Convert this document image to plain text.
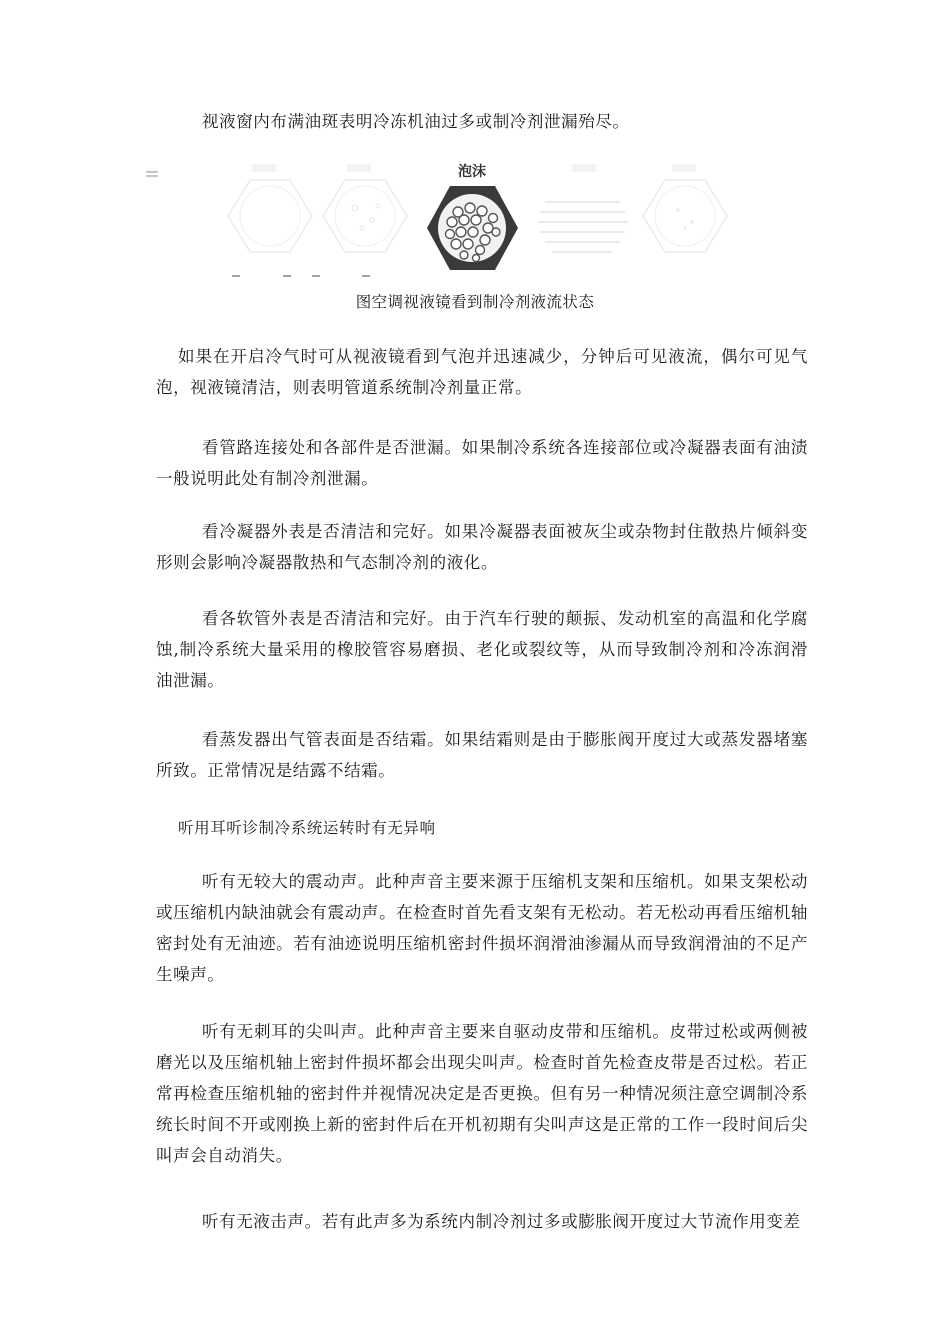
视液窗内布满油斑表明冷冻机油过多或制冷剂泄漏殆尽。

泡沫
图空调视液镜看到制冷剂液流状态

如果在开启冷气时可从视液镜看到气泡并迅速减少，分钟后可见液流，偶尔可见气泡，视液镜清洁，则表明管道系统制冷剂量正常。

看管路连接处和各部件是否泄漏。如果制冷系统各连接部位或冷凝器表面有油渍一般说明此处有制冷剂泄漏。

看冷凝器外表是否清洁和完好。如果冷凝器表面被灰尘或杂物封住散热片倾斜变形则会影响冷凝器散热和气态制冷剂的液化。

看各软管外表是否清洁和完好。由于汽车行驶的颠振、发动机室的高温和化学腐蚀,制冷系统大量采用的橡胶管容易磨损、老化或裂纹等，从而导致制冷剂和冷冻润滑油泄漏。

看蒸发器出气管表面是否结霜。如果结霜则是由于膨胀阀开度过大或蒸发器堵塞所致。正常情况是结露不结霜。

听用耳听诊制冷系统运转时有无异响

听有无较大的震动声。此种声音主要来源于压缩机支架和压缩机。如果支架松动或压缩机内缺油就会有震动声。在检查时首先看支架有无松动。若无松动再看压缩机轴密封处有无油迹。若有油迹说明压缩机密封件损坏润滑油渗漏从而导致润滑油的不足产生噪声。

听有无刺耳的尖叫声。此种声音主要来自驱动皮带和压缩机。皮带过松或两侧被磨光以及压缩机轴上密封件损坏都会出现尖叫声。检查时首先检查皮带是否过松。若正常再检查压缩机轴的密封件并视情况决定是否更换。但有另一种情况须注意空调制冷系统长时间不开或刚换上新的密封件后在开机初期有尖叫声这是正常的工作一段时间后尖叫声会自动消失。

听有无液击声。若有此声多为系统内制冷剂过多或膨胀阀开度过大节流作用变差
